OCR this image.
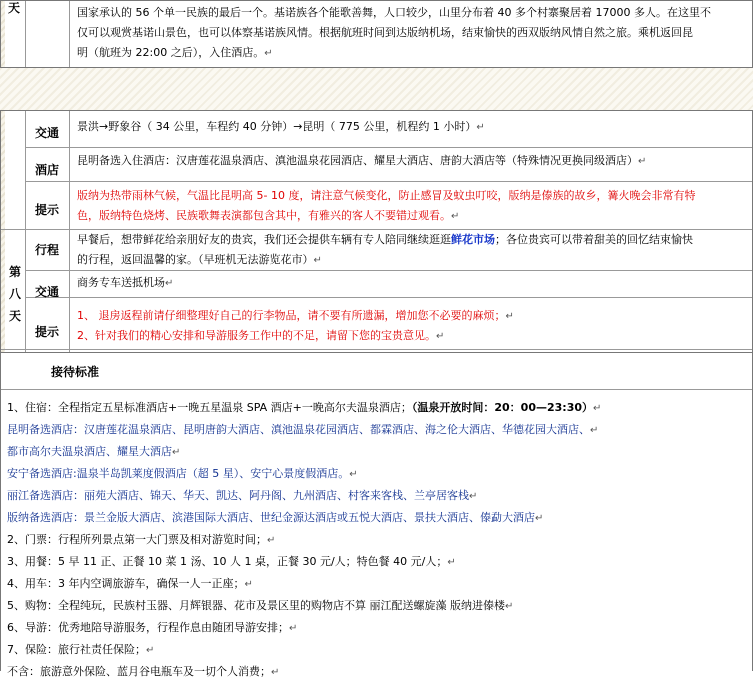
天	国家承认的 56 个单一民族的最后一个。基诺族各个能歌善舞，人口较少，山里分布着 40 多个村寨聚居着 17000 多人。在这里不
仅可以观赏基诺山景色，也可以体察基诺族风情。根据航班时间到达版纳机场，结束愉快的西双版纳风情自然之旅。乘机返回昆
明（航班为 22:00 之后），入住酒店。↵
交通	景洪→野象谷（ 34 公里，车程约 40 分钟）→昆明（ 775 公里，机程约 1 小时）↵
酒店
昆明备选入住酒店：汉唐莲花温泉酒店、滇池温泉花园酒店、耀星大酒店、唐韵大酒店等（特殊情况更换同级酒店）↵
提示
版纳为热带雨林气候，气温比昆明高 5- 10 度，请注意气候变化，防止感冒及蚊虫叮咬，版纳是傣族的故乡，篝火晚会非常有特
色，版纳特色烧烤、民族歌舞表演都包含其中，有雅兴的客人不要错过观看。↵
第
八
天
行程
早餐后，想带鲜花给亲朋好友的贵宾，我们还会提供车辆有专人陪同继续逛逛鲜花市场；各位贵宾可以带着甜美的回忆结束愉快
的行程，返回温馨的家。（早班机无法游览花市）↵
交通
商务专车送抵机场↵
提示
1、 退房返程前请仔细整理好自己的行李物品，请不要有所遗漏，增加您不必要的麻烦；↵
2、针对我们的精心安排和导游服务工作中的不足，请留下您的宝贵意见。↵
接待标准
1、住宿：全程指定五星标准酒店+一晚五星温泉 SPA 酒店+一晚高尔夫温泉酒店；（温泉开放时间：20：00—23:30）↵
昆明备选酒店：汉唐莲花温泉酒店、昆明唐韵大酒店、滇池温泉花园酒店、都霖酒店、海之伦大酒店、华德花园大酒店、↵
都市高尔夫温泉酒店、耀星大酒店↵
安宁备选酒店:温泉半岛凯莱度假酒店（超 5 星）、安宁心景度假酒店。↵
丽江备选酒店：丽苑大酒店、锦天、华天、凯达、阿丹阁、九州酒店、村客来客栈、兰亭居客栈↵
版纳备选酒店：景兰金版大酒店、滨港国际大酒店、世纪金源达酒店或五悦大酒店、景扶大酒店、傣勐大酒店↵
2、门票：行程所列景点第一大门票及相对游览时间；↵
3、用餐：5 早 11 正、正餐 10 菜 1 汤、10 人 1 桌，正餐 30 元/人；特色餐 40 元/人；↵
4、用车：3 年内空调旅游车，确保一人一正座；↵
5、购物：全程纯玩，民族村玉器、月辉银器、花市及景区里的购物店不算 丽江配送螺旋藻 版纳进傣楼↵
6、导游：优秀地陪导游服务，行程作息由随团导游安排；↵
7、保险：旅行社责任保险；↵
不含：旅游意外保险、蓝月谷电瓶车及一切个人消费；↵
